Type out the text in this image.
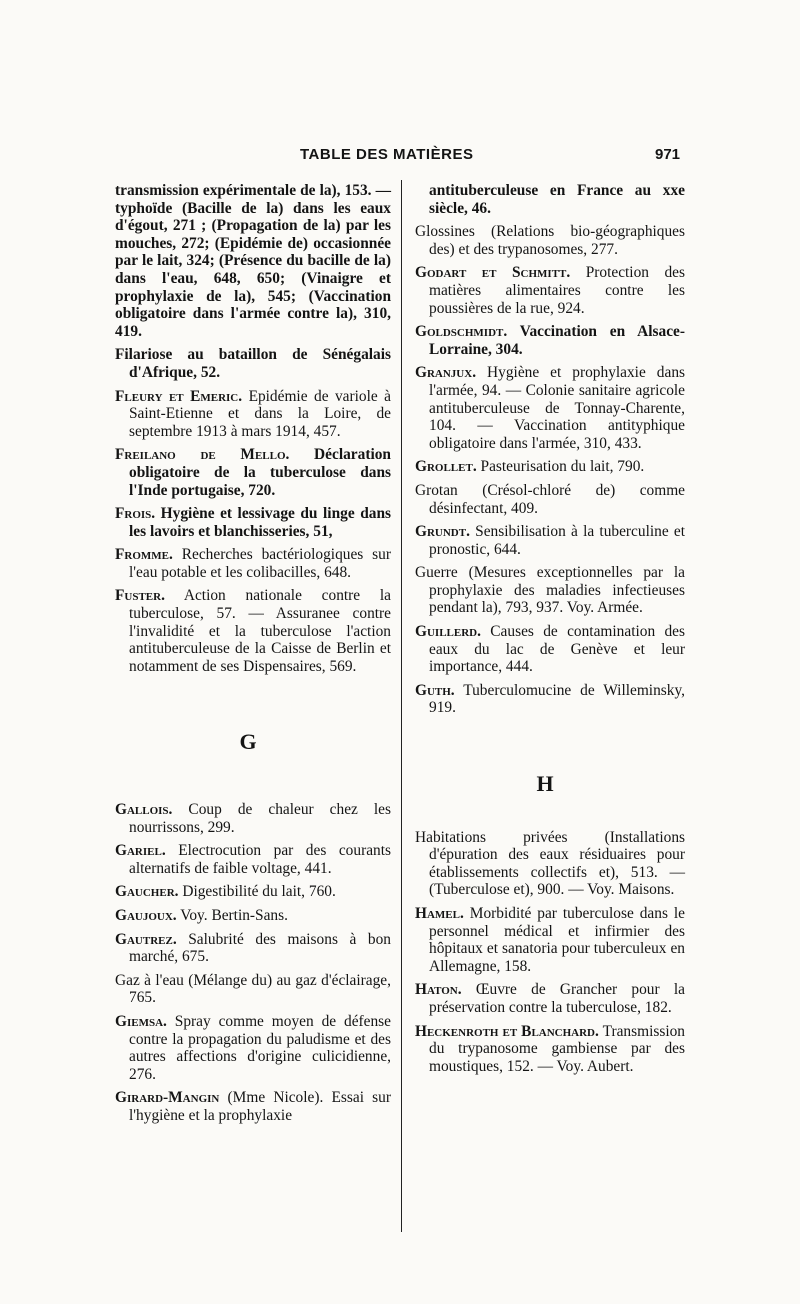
TABLE DES MATIÈRES	971

transmission expérimentale de la), 153. — typhoïde (Bacille de la) dans les eaux d'égout, 271 ; (Propagation de la) par les mouches, 272; (Epidémie de) occasionnée par le lait, 324; (Présence du bacille de la) dans l'eau, 648, 650; (Vinaigre et prophylaxie de la), 545; (Vaccination obligatoire dans l'armée contre la), 310, 419.

Filariose au bataillon de Sénégalais d'Afrique, 52.

Fleury et Emeric. Epidémie de variole à Saint-Etienne et dans la Loire, de septembre 1913 à mars 1914, 457.

Freilano de Mello. Déclaration obligatoire de la tuberculose dans l'Inde portugaise, 720.

Frois. Hygiène et lessivage du linge dans les lavoirs et blanchisseries, 51,

Fromme. Recherches bactériologiques sur l'eau potable et les colibacilles, 648.

Fuster. Action nationale contre la tuberculose, 57. — Assuranee contre l'invalidité et la tuberculose l'action antituberculeuse de la Caisse de Berlin et notamment de ses Dispensaires, 569.

G

Gallois. Coup de chaleur chez les nourrissons, 299.

Gariel. Electrocution par des courants alternatifs de faible voltage, 441.

Gaucher. Digestibilité du lait, 760.

Gaujoux. Voy. Bertin-Sans.

Gautrez. Salubrité des maisons à bon marché, 675.

Gaz à l'eau (Mélange du) au gaz d'éclairage, 765.

Giemsa. Spray comme moyen de défense contre la propagation du paludisme et des autres affections d'origine culicidienne, 276.

Girard-Mangin (Mme Nicole). Essai sur l'hygiène et la prophylaxie

antituberculeuse en France au xxe siècle, 46.

Glossines (Relations bio-géographiques des) et des trypanosomes, 277.

Godart et Schmitt. Protection des matières alimentaires contre les poussières de la rue, 924.

Goldschmidt. Vaccination en Alsace-Lorraine, 304.

Granjux. Hygiène et prophylaxie dans l'armée, 94. — Colonie sanitaire agricole antituberculeuse de Tonnay-Charente, 104. — Vaccination antityphique obligatoire dans l'armée, 310, 433.

Grollet. Pasteurisation du lait, 790.

Grotan (Crésol-chloré de) comme désinfectant, 409.

Grundt. Sensibilisation à la tuberculine et pronostic, 644.

Guerre (Mesures exceptionnelles par la prophylaxie des maladies infectieuses pendant la), 793, 937. Voy. Armée.

Guillerd. Causes de contamination des eaux du lac de Genève et leur importance, 444.

Guth. Tuberculomucine de Willeminsky, 919.

H

Habitations privées (Installations d'épuration des eaux résiduaires pour établissements collectifs et), 513. — (Tuberculose et), 900. — Voy. Maisons.

Hamel. Morbidité par tuberculose dans le personnel médical et infirmier des hôpitaux et sanatoria pour tuberculeux en Allemagne, 158.

Haton. Œuvre de Grancher pour la préservation contre la tuberculose, 182.

Heckenroth et Blanchard. Transmission du trypanosome gambiense par des moustiques, 152. — Voy. Aubert.
